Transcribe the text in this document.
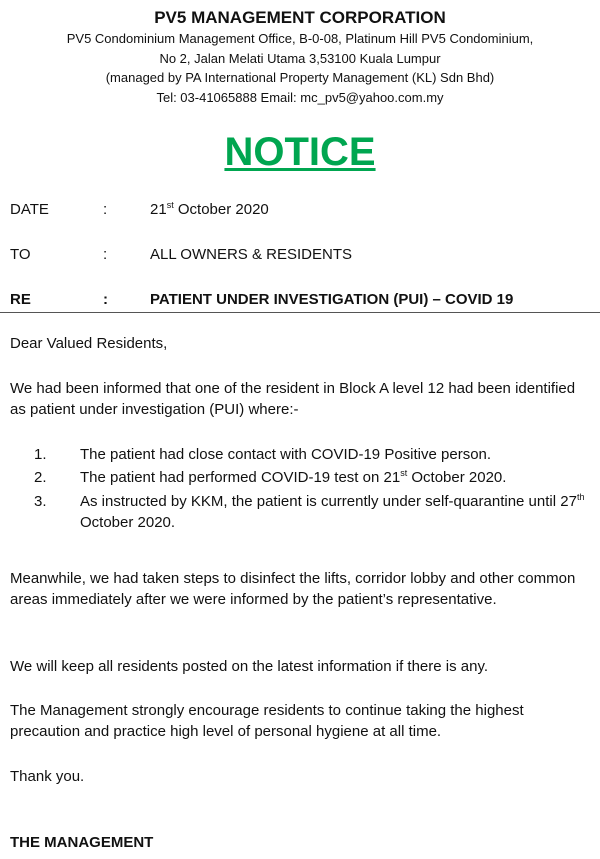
PV5 MANAGEMENT CORPORATION
PV5 Condominium Management Office, B-0-08, Platinum Hill PV5 Condominium,
No 2, Jalan Melati Utama 3,53100 Kuala Lumpur
(managed by PA International Property Management (KL) Sdn Bhd)
Tel: 03-41065888 Email: mc_pv5@yahoo.com.my
NOTICE
DATE	:	21st October 2020
TO	:	ALL OWNERS & RESIDENTS
RE	:	PATIENT UNDER INVESTIGATION (PUI) – COVID 19
Dear Valued Residents,
We had been informed that one of the resident in Block A level 12 had been identified as patient under investigation (PUI) where:-
1. The patient had close contact with COVID-19 Positive person.
2. The patient had performed COVID-19 test on 21st October 2020.
3. As instructed by KKM, the patient is currently under self-quarantine until 27th October 2020.
Meanwhile, we had taken steps to disinfect the lifts, corridor lobby and other common areas immediately after we were informed by the patient’s representative.
We will keep all residents posted on the latest information if there is any.
The Management strongly encourage residents to continue taking the highest precaution and practice high level of personal hygiene at all time.
Thank you.
THE MANAGEMENT
